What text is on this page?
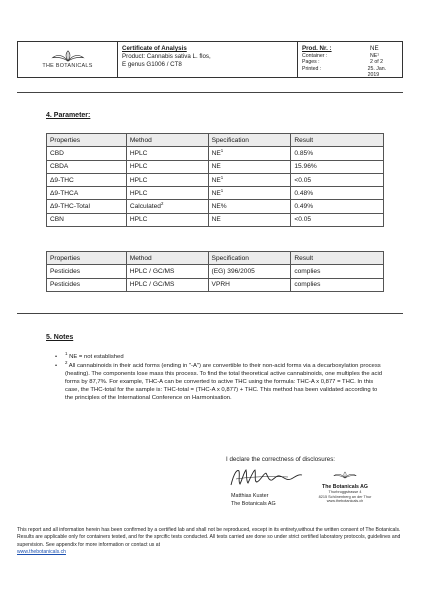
THE BOTANICALS
Certificate of Analysis
Product: Cannabis sativa L. flos,
E genus G1006 / CT8
Prod. Nr. :	NE
Container :	NE¹
Pages :	2 of 2
Printed :	25. Jan. 2019
4. Parameter:
Properties	Method	Specification	Result
CBD	HPLC	$NE^1$	0.85%
CBDA	HPLC	NE	15.96%
Δ9-THC	HPLC	$NE^1$	<0.05
Δ9-THCA	HPLC	$NE^1$	0.48%
Δ9-THC-Total	Calculated$^2$	NE%	0.49%
CBN	HPLC	NE	<0.05
Properties	Method	Specification	Result
Pesticides	HPLC / GC/MS	(EG) 396/2005	complies
Pesticides	HPLC / GC/MS	VPRH	complies
5. Notes
•
$^1$ NE = not established
•
$^2$ All cannabinoids in their acid forms (ending in "-A") are convertible to their non-acid forms via a decarboxylation process (heating). The components lose mass this process. To find the total theoretical active cannabinoids, one multiples the acid forms by 87,7%. For example, THC-A can be converted to active THC using the formula: THC-A x 0,877 = THC. In this case, the THC-total for the sample is: THC-total = (THC-A x 0,877) + THC. This method has been validated according to the principles of the International Conference on Harmonisation.
I declare the correctness of disclosures:
The Botanicals AG
Thurbruggstrasse 4
8215 Schönenberg an der Thur
www.thebotanicals.ch
Matthias Kuster
The Botanicals AG
This report and all information herein has been confirmed by a certified lab and shall not be reproduced, except in its entirety,without the written consent of The Botanicals. Results are applicable only for containers tested, and for the sprcific tests conducted. All tests carried are done so under strict certified laboratory protocols, guidelines and supervision. See appendix for more information or contact us at
www.thebotanicals.ch
